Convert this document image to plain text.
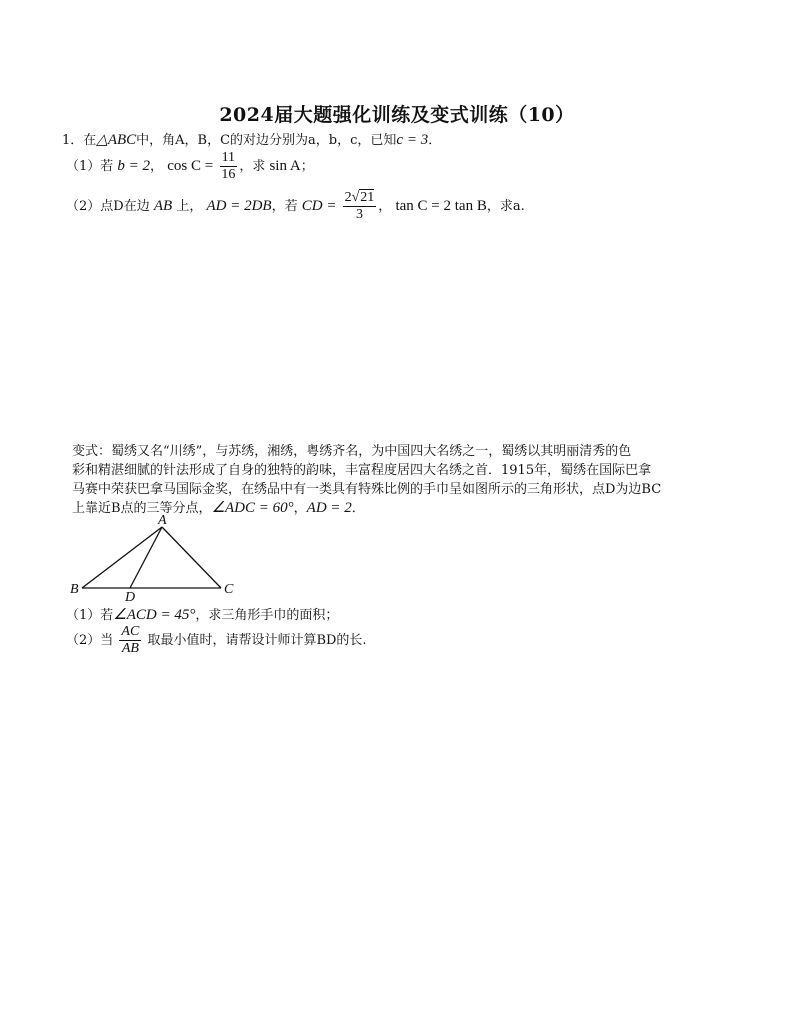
2024届大题强化训练及变式训练（10）
1．在△ABC中，角A，B，C的对边分别为a，b，c，已知c = 3．
（1）若 b = 2， $\cos C = \frac{11}{16}$ ，求 sin A；
（2）点D在边 AB 上， AD = 2DB，若 CD = $\frac{2√21}{3}$ ， tan C = 2 tan B，求a.

变式：蜀绣又名“川绣”，与苏绣，湘绣，粤绣齐名，为中国四大名绣之一，蜀绣以其明丽清秀的色

彩和精湛细腻的针法形成了自身的独特的韵味，丰富程度居四大名绣之首．1915年，蜀绣在国际巴拿

马赛中荣获巴拿马国际金奖，在绣品中有一类具有特殊比例的手巾呈如图所示的三角形状，点D为边BC

上靠近B点的三等分点，∠ADC = 60°，AD = 2．

A
B	C
D
（1）若∠ACD = 45°，求三角形手巾的面积；
（2）当 $\frac{AC}{AB}$ 取最小值时，请帮设计师计算BD的长.
